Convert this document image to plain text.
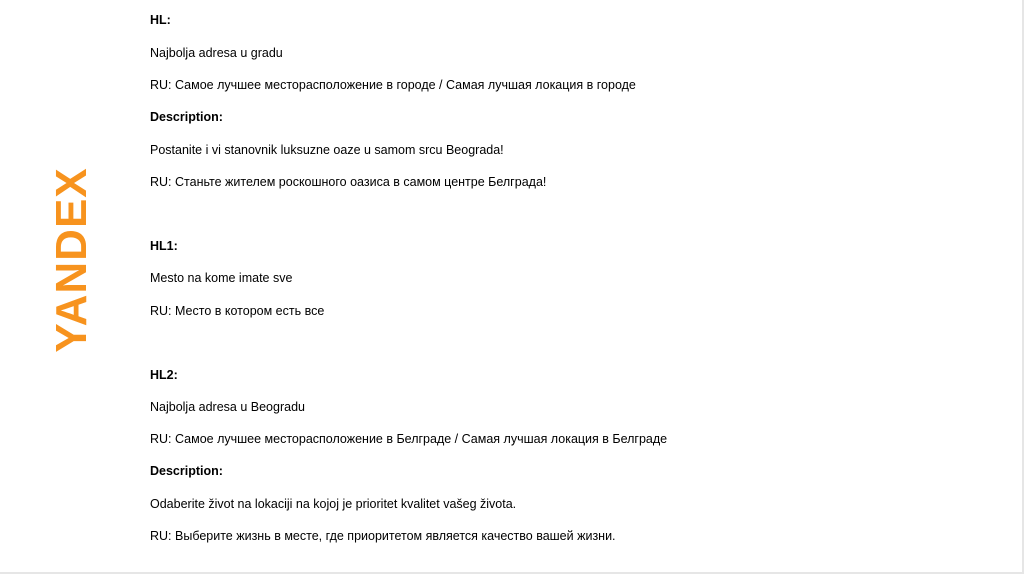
YANDEX
HL:
Najbolja adresa u gradu
RU: Самое лучшее месторасположение в городе / Самая лучшая локация в городе
Description:
Postanite i vi stanovnik luksuzne oaze u samom srcu Beograda!
RU: Станьте жителем роскошного оазиса в самом центре Белграда!
HL1:
Mesto na kome imate sve
RU: Место в котором есть все
HL2:
Najbolja adresa u Beogradu
RU: Самое лучшее месторасположение в Белграде / Самая лучшая локация в Белграде
Description:
Odaberite život na lokaciji na kojoj je prioritet kvalitet vašeg života.
RU: Выберите жизнь в месте, где приоритетом является качество вашей жизни.
